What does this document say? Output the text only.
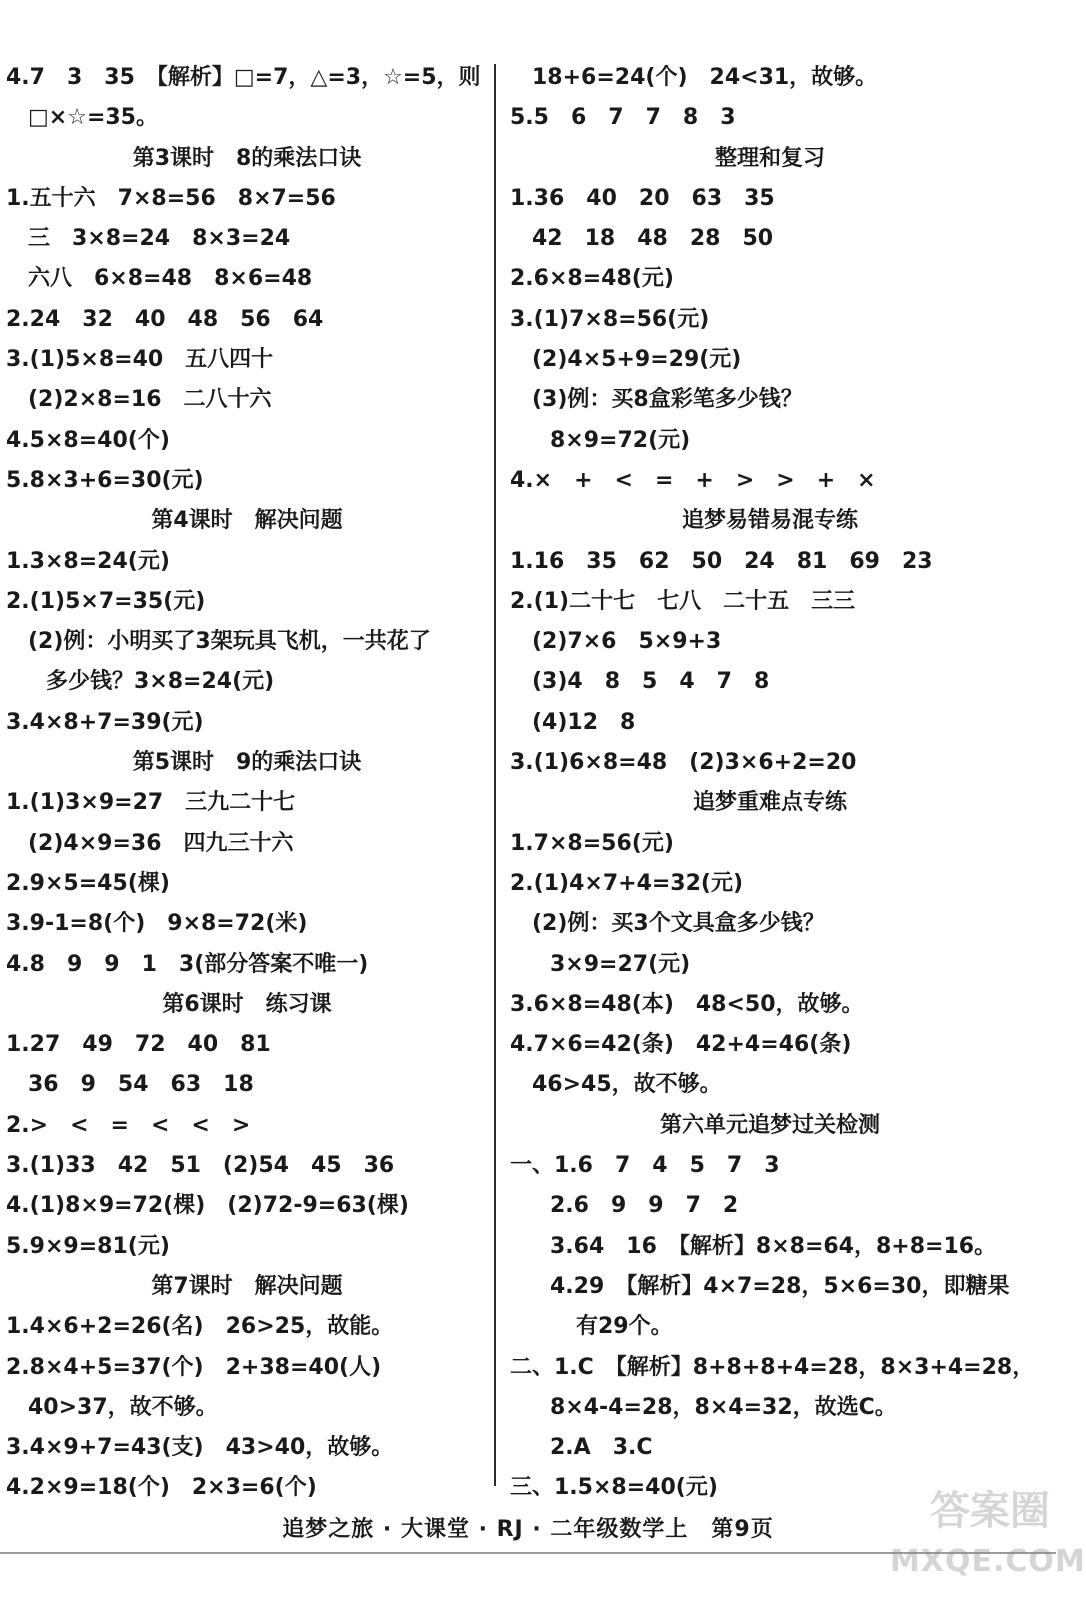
4.7　3　35　【解析】□=7，△=3，☆=5，则
□×☆=35。
第3课时　8的乘法口诀
1.五十六　7×8=56　8×7=56
三　3×8=24　8×3=24
六八　6×8=48　8×6=48
2.24　32　40　48　56　64
3.(1)5×8=40　五八四十
(2)2×8=16　二八十六
4.5×8=40(个)
5.8×3+6=30(元)
第4课时　解决问题
1.3×8=24(元)
2.(1)5×7=35(元)
(2)例：小明买了3架玩具飞机，一共花了
多少钱？3×8=24(元)
3.4×8+7=39(元)
第5课时　9的乘法口诀
1.(1)3×9=27　三九二十七
(2)4×9=36　四九三十六
2.9×5=45(棵)
3.9-1=8(个)　9×8=72(米)
4.8　9　9　1　3(部分答案不唯一)
第6课时　练习课
1.27　49　72　40　81
36　9　54　63　18
2.>　<　=　<　<　>
3.(1)33　42　51　(2)54　45　36
4.(1)8×9=72(棵)　(2)72-9=63(棵)
5.9×9=81(元)
第7课时　解决问题
1.4×6+2=26(名)　26>25，故能。
2.8×4+5=37(个)　2+38=40(人)
40>37，故不够。
3.4×9+7=43(支)　43>40，故够。
4.2×9=18(个)　2×3=6(个)
18+6=24(个)　24<31，故够。
5.5　6　7　7　8　3
整理和复习
1.36　40　20　63　35
42　18　48　28　50
2.6×8=48(元)
3.(1)7×8=56(元)
(2)4×5+9=29(元)
(3)例：买8盒彩笔多少钱？
8×9=72(元)
4.×　+　<　=　+　>　>　+　×
追梦易错易混专练
1.16　35　62　50　24　81　69　23
2.(1)二十七　七八　二十五　三三
(2)7×6　5×9+3
(3)4　8　5　4　7　8
(4)12　8
3.(1)6×8=48　(2)3×6+2=20
追梦重难点专练
1.7×8=56(元)
2.(1)4×7+4=32(元)
(2)例：买3个文具盒多少钱？
3×9=27(元)
3.6×8=48(本)　48<50，故够。
4.7×6=42(条)　42+4=46(条)
46>45，故不够。
第六单元追梦过关检测
一、1.6　7　4　5　7　3
2.6　9　9　7　2
3.64　16　【解析】8×8=64，8+8=16。
4.29　【解析】4×7=28，5×6=30，即糖果
有29个。
二、1.C　【解析】8+8+8+4=28，8×3+4=28，
8×4-4=28，8×4=32，故选C。
2.A　3.C
三、1.5×8=40(元)
追梦之旅 · 大课堂 · RJ · 二年级数学上　第9页	答案圈
MXQE.COM
